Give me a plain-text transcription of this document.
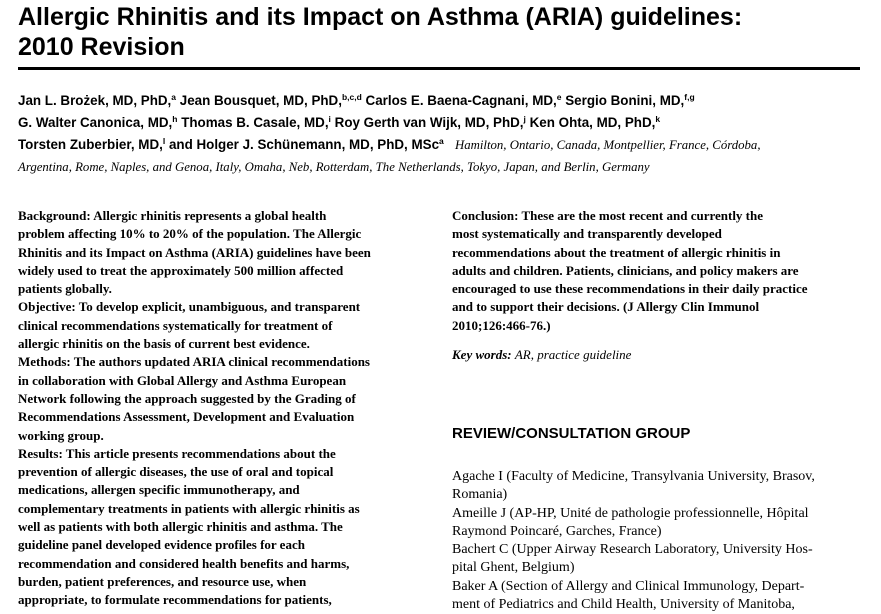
Allergic Rhinitis and its Impact on Asthma (ARIA) guidelines:
2010 Revision
Jan L. Brożek, MD, PhD,$^a$ Jean Bousquet, MD, PhD,$^{b,c,d}$ Carlos E. Baena-Cagnani, MD,$^e$ Sergio Bonini, MD,$^{f,g}$
G. Walter Canonica, MD,$^h$ Thomas B. Casale, MD,$^i$ Roy Gerth van Wijk, MD, PhD,$^j$ Ken Ohta, MD, PhD,$^k$
Torsten Zuberbier, MD,$^l$ and Holger J. Schünemann, MD, PhD, MSc$^a$ Hamilton, Ontario, Canada, Montpellier, France, Córdoba,
Argentina, Rome, Naples, and Genoa, Italy, Omaha, Neb, Rotterdam, The Netherlands, Tokyo, Japan, and Berlin, Germany
Background: Allergic rhinitis represents a global health
problem affecting 10% to 20% of the population. The Allergic
Rhinitis and its Impact on Asthma (ARIA) guidelines have been
widely used to treat the approximately 500 million affected
patients globally.
Objective: To develop explicit, unambiguous, and transparent
clinical recommendations systematically for treatment of
allergic rhinitis on the basis of current best evidence.
Methods: The authors updated ARIA clinical recommendations
in collaboration with Global Allergy and Asthma European
Network following the approach suggested by the Grading of
Recommendations Assessment, Development and Evaluation
working group.
Results: This article presents recommendations about the
prevention of allergic diseases, the use of oral and topical
medications, allergen specific immunotherapy, and
complementary treatments in patients with allergic rhinitis as
well as patients with both allergic rhinitis and asthma. The
guideline panel developed evidence profiles for each
recommendation and considered health benefits and harms,
burden, patient preferences, and resource use, when
appropriate, to formulate recommendations for patients,
Conclusion: These are the most recent and currently the
most systematically and transparently developed
recommendations about the treatment of allergic rhinitis in
adults and children. Patients, clinicians, and policy makers are
encouraged to use these recommendations in their daily practice
and to support their decisions. (J Allergy Clin Immunol
2010;126:466-76.)
Key words: AR, practice guideline
REVIEW/CONSULTATION GROUP
Agache I (Faculty of Medicine, Transylvania University, Brasov,
Romania)
Ameille J (AP-HP, Unité de pathologie professionnelle, Hôpital
Raymond Poincaré, Garches, France)
Bachert C (Upper Airway Research Laboratory, University Hos-
pital Ghent, Belgium)
Baker A (Section of Allergy and Clinical Immunology, Depart-
ment of Pediatrics and Child Health, University of Manitoba,
